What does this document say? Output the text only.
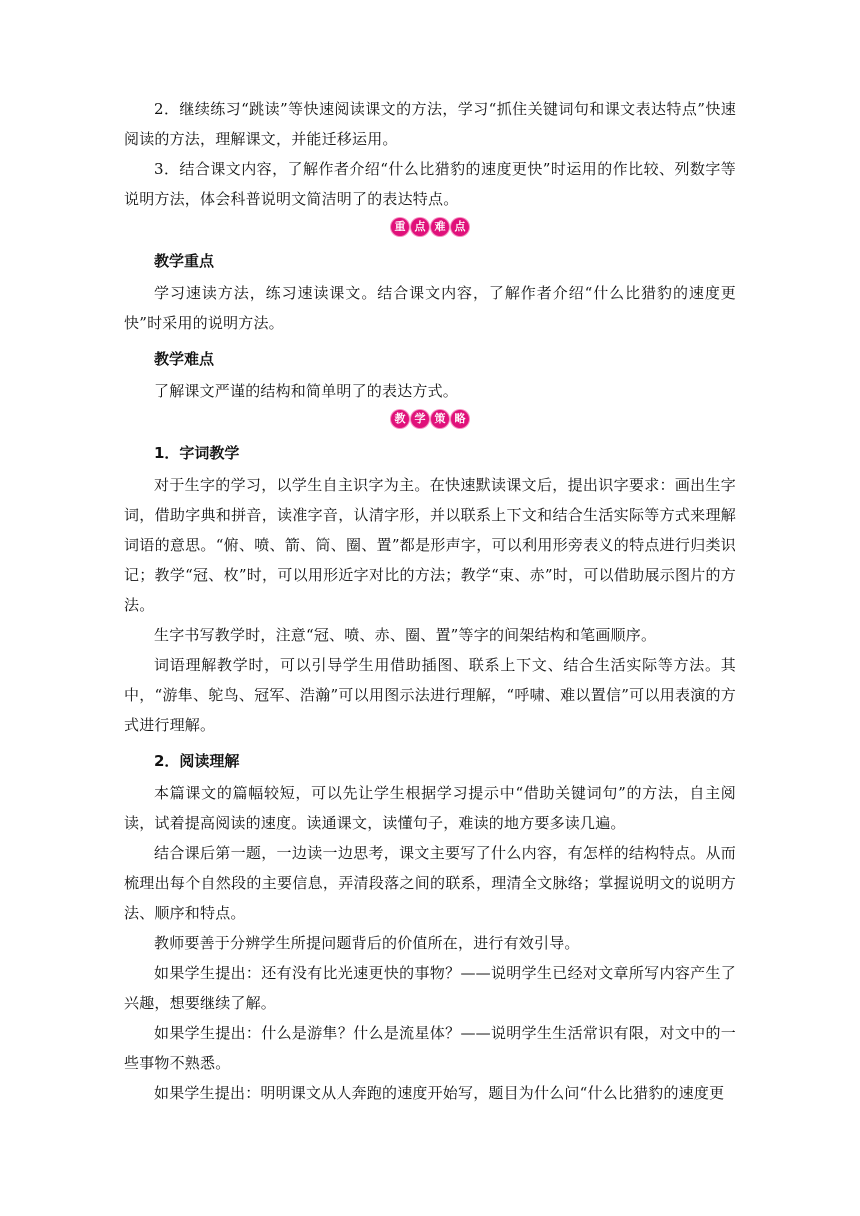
2．继续练习“跳读”等快速阅读课文的方法，学习“抓住关键词句和课文表达特点”快速阅读的方法，理解课文，并能迁移运用。

3．结合课文内容，了解作者介绍“什么比猎豹的速度更快”时运用的作比较、列数字等说明方法，体会科普说明文简洁明了的表达特点。

重 点 难 点
教学重点

学习速读方法，练习速读课文。结合课文内容，了解作者介绍“什么比猎豹的速度更快”时采用的说明方法。

教学难点

了解课文严谨的结构和简单明了的表达方式。

教 学 策 略
1．字词教学

对于生字的学习，以学生自主识字为主。在快速默读课文后，提出识字要求：画出生字词，借助字典和拼音，读准字音，认清字形，并以联系上下文和结合生活实际等方式来理解词语的意思。“俯、喷、箭、筒、圈、置”都是形声字，可以利用形旁表义的特点进行归类识记；教学“冠、枚”时，可以用形近字对比的方法；教学“束、赤”时，可以借助展示图片的方法。

生字书写教学时，注意“冠、喷、赤、圈、置”等字的间架结构和笔画顺序。

词语理解教学时，可以引导学生用借助插图、联系上下文、结合生活实际等方法。其中，“游隼、鸵鸟、冠军、浩瀚”可以用图示法进行理解，“呼啸、难以置信”可以用表演的方式进行理解。

2．阅读理解

本篇课文的篇幅较短，可以先让学生根据学习提示中“借助关键词句”的方法，自主阅读，试着提高阅读的速度。读通课文，读懂句子，难读的地方要多读几遍。

结合课后第一题，一边读一边思考，课文主要写了什么内容，有怎样的结构特点。从而梳理出每个自然段的主要信息，弄清段落之间的联系，理清全文脉络；掌握说明文的说明方法、顺序和特点。

教师要善于分辨学生所提问题背后的价值所在，进行有效引导。

如果学生提出：还有没有比光速更快的事物？——说明学生已经对文章所写内容产生了兴趣，想要继续了解。

如果学生提出：什么是游隼？什么是流星体？——说明学生生活常识有限，对文中的一些事物不熟悉。

如果学生提出：明明课文从人奔跑的速度开始写，题目为什么问“什么比猎豹的速度更
